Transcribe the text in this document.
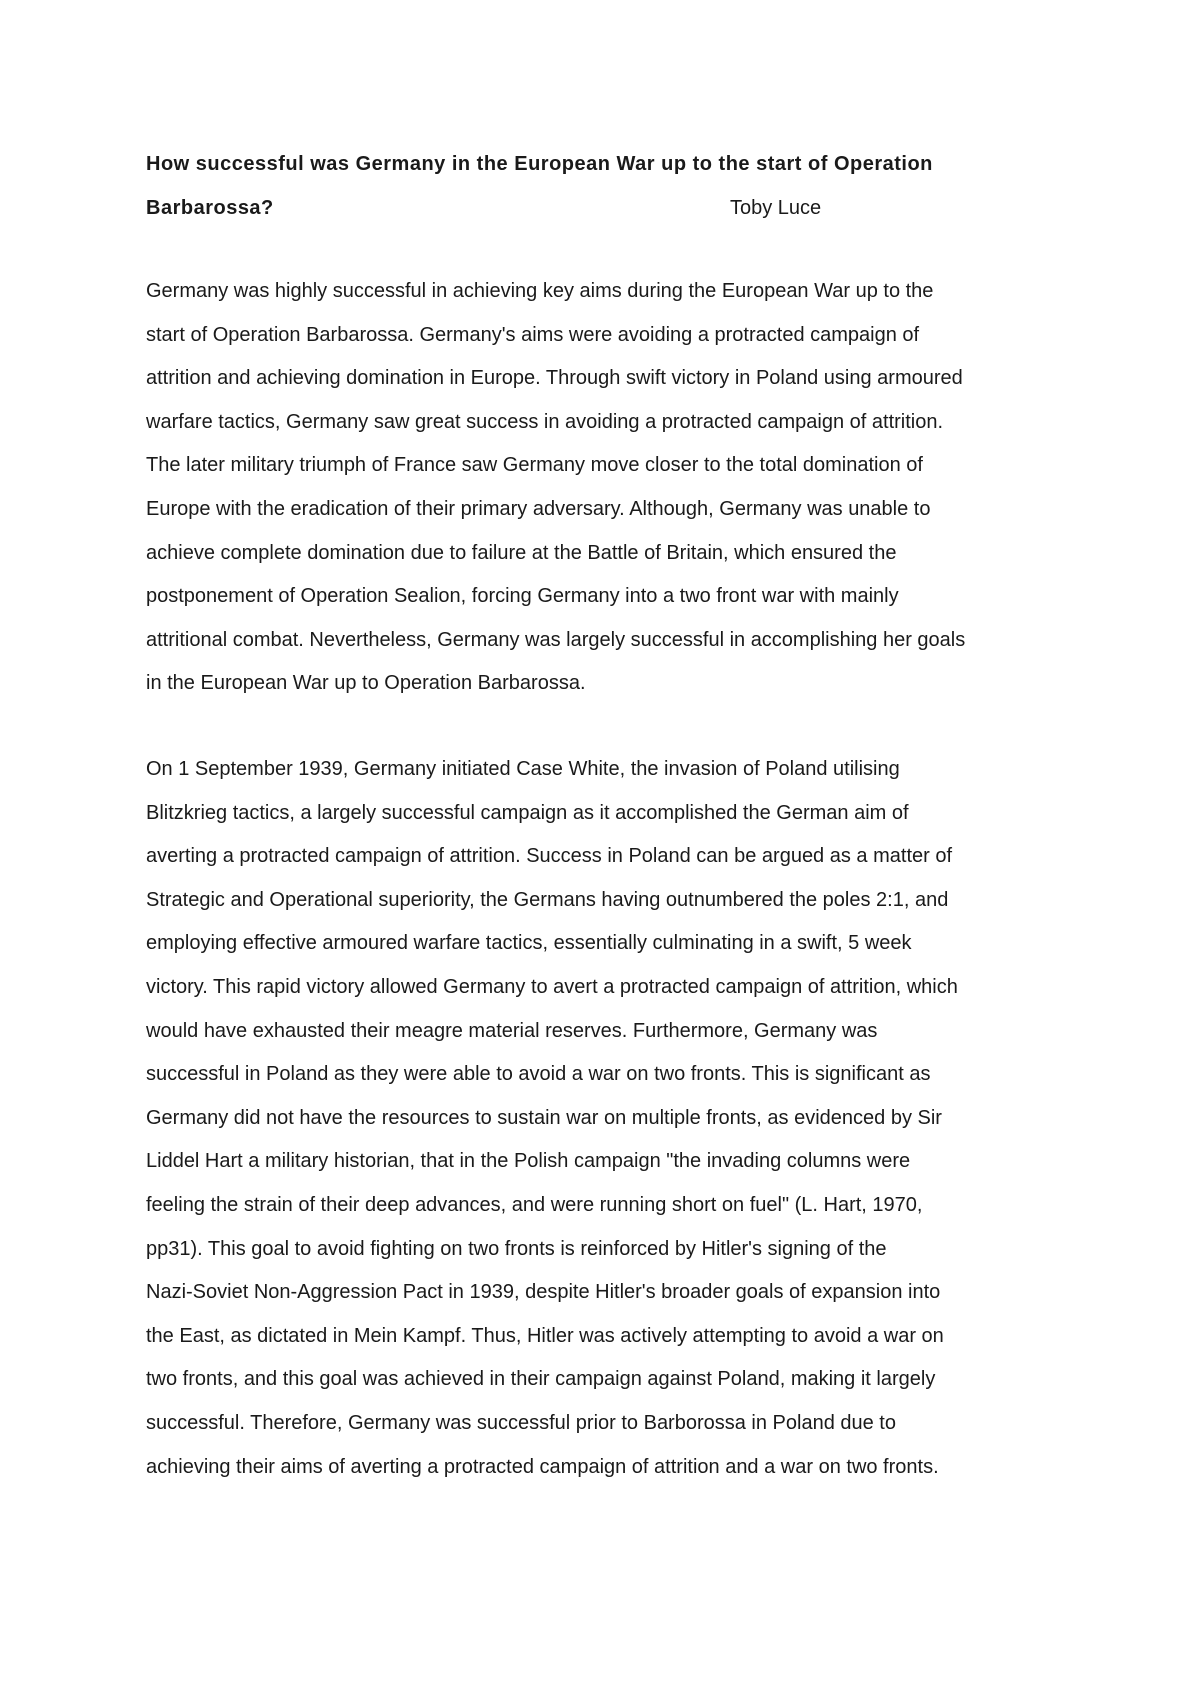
How successful was Germany in the European War up to the start of Operation
Barbarossa?	Toby Luce
Germany was highly successful in achieving key aims during the European War up to the
start of Operation Barbarossa. Germany's aims were avoiding a protracted campaign of
attrition and achieving domination in Europe. Through swift victory in Poland using armoured
warfare tactics, Germany saw great success in avoiding a protracted campaign of attrition.
The later military triumph of France saw Germany move closer to the total domination of
Europe with the eradication of their primary adversary. Although, Germany was unable to
achieve complete domination due to failure at the Battle of Britain, which ensured the
postponement of Operation Sealion, forcing Germany into a two front war with mainly
attritional combat. Nevertheless, Germany was largely successful in accomplishing her goals
in the European War up to Operation Barbarossa.
On 1 September 1939, Germany initiated Case White, the invasion of Poland utilising
Blitzkrieg tactics, a largely successful campaign as it accomplished the German aim of
averting a protracted campaign of attrition. Success in Poland can be argued as a matter of
Strategic and Operational superiority, the Germans having outnumbered the poles 2:1, and
employing effective armoured warfare tactics, essentially culminating in a swift, 5 week
victory. This rapid victory allowed Germany to avert a protracted campaign of attrition, which
would have exhausted their meagre material reserves. Furthermore, Germany was
successful in Poland as they were able to avoid a war on two fronts. This is significant as
Germany did not have the resources to sustain war on multiple fronts, as evidenced by Sir
Liddel Hart a military historian, that in the Polish campaign "the invading columns were
feeling the strain of their deep advances, and were running short on fuel" (L. Hart, 1970,
pp31). This goal to avoid fighting on two fronts is reinforced by Hitler's signing of the
Nazi-Soviet Non-Aggression Pact in 1939, despite Hitler's broader goals of expansion into
the East, as dictated in Mein Kampf. Thus, Hitler was actively attempting to avoid a war on
two fronts, and this goal was achieved in their campaign against Poland, making it largely
successful. Therefore, Germany was successful prior to Barborossa in Poland due to
achieving their aims of averting a protracted campaign of attrition and a war on two fronts.
